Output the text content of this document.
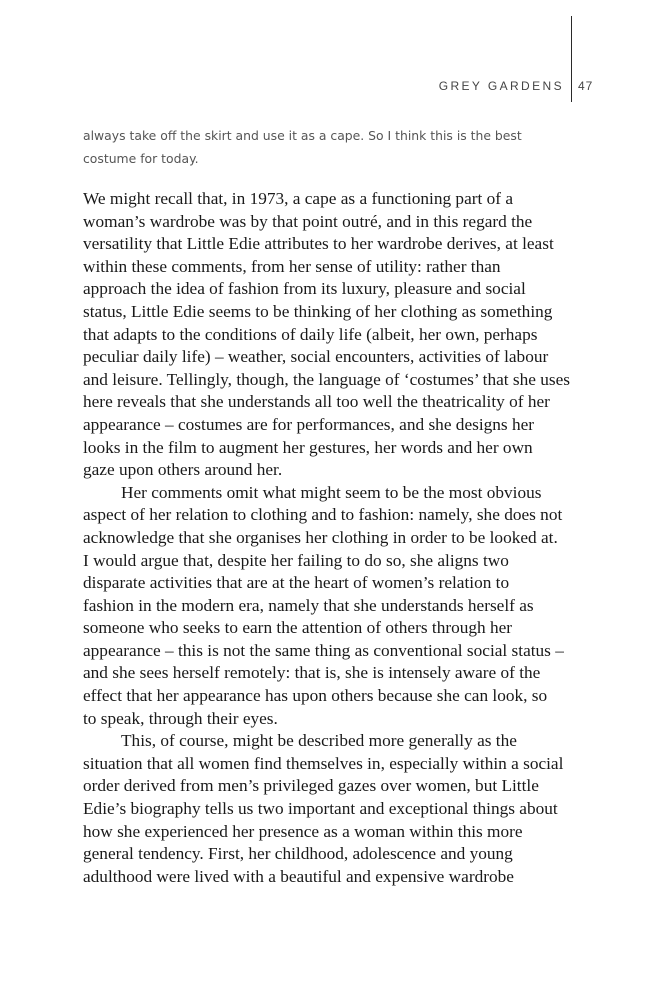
GREY GARDENS 47
always take off the skirt and use it as a cape. So I think this is the best
costume for today.
We might recall that, in 1973, a cape as a functioning part of a
woman’s wardrobe was by that point outré, and in this regard the
versatility that Little Edie attributes to her wardrobe derives, at least
within these comments, from her sense of utility: rather than
approach the idea of fashion from its luxury, pleasure and social
status, Little Edie seems to be thinking of her clothing as something
that adapts to the conditions of daily life (albeit, her own, perhaps
peculiar daily life) – weather, social encounters, activities of labour
and leisure. Tellingly, though, the language of ‘costumes’ that she uses
here reveals that she understands all too well the theatricality of her
appearance – costumes are for performances, and she designs her
looks in the film to augment her gestures, her words and her own
gaze upon others around her.
Her comments omit what might seem to be the most obvious
aspect of her relation to clothing and to fashion: namely, she does not
acknowledge that she organises her clothing in order to be looked at.
I would argue that, despite her failing to do so, she aligns two
disparate activities that are at the heart of women’s relation to
fashion in the modern era, namely that she understands herself as
someone who seeks to earn the attention of others through her
appearance – this is not the same thing as conventional social status –
and she sees herself remotely: that is, she is intensely aware of the
effect that her appearance has upon others because she can look, so
to speak, through their eyes.
This, of course, might be described more generally as the
situation that all women find themselves in, especially within a social
order derived from men’s privileged gazes over women, but Little
Edie’s biography tells us two important and exceptional things about
how she experienced her presence as a woman within this more
general tendency. First, her childhood, adolescence and young
adulthood were lived with a beautiful and expensive wardrobe
